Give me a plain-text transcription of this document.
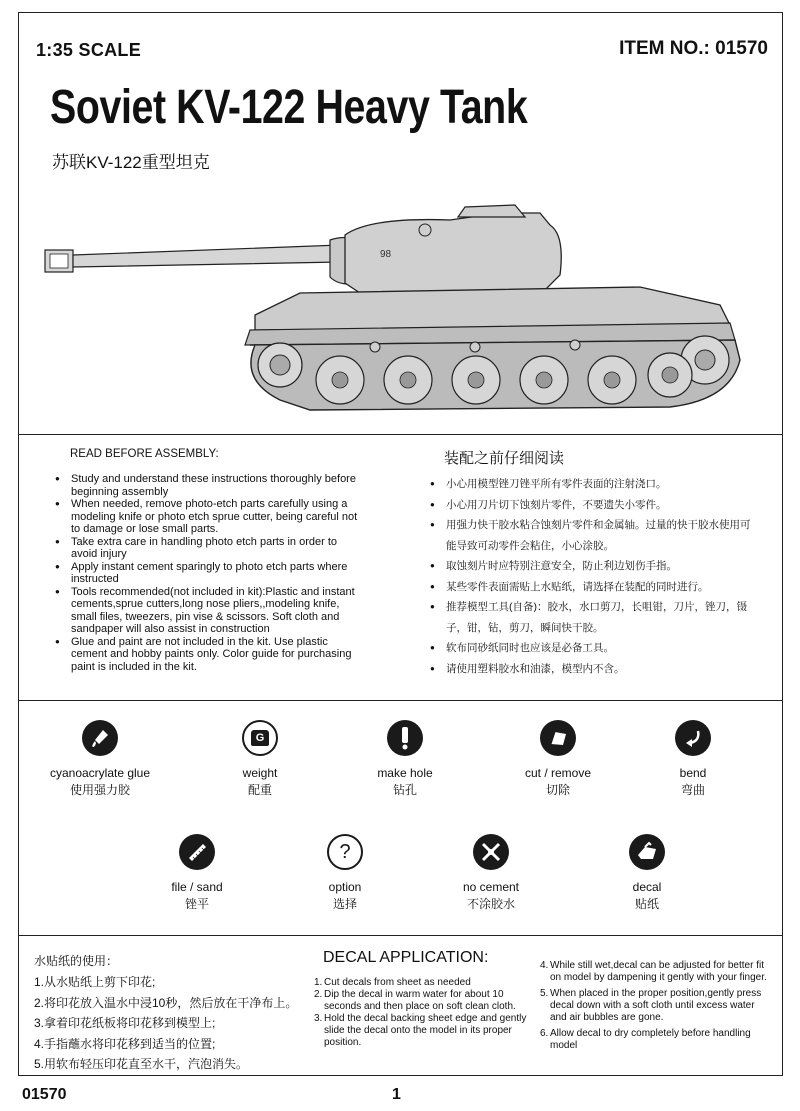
1:35 SCALE	ITEM NO.: 01570
Soviet KV-122 Heavy Tank
苏联KV-122重型坦克
98
READ BEFORE ASSEMBLY:
● Study and understand these instructions thoroughly before beginning assembly
● When needed, remove photo-etch parts carefully using a modeling knife or photo etch sprue cutter, being careful not to damage or lose small parts.
● Take extra care in handling photo etch parts in order to avoid injury
● Apply instant cement sparingly to photo etch parts where instructed
● Tools recommended(not included in kit):Plastic and instant cements,sprue cutters,long nose pliers,,modeling knife, small files, tweezers, pin vise & scissors. Soft cloth and sandpaper will also assist in construction
● Glue and paint are not included in the kit. Use plastic cement and hobby paints only. Color guide for purchasing paint is included in the kit.
装配之前仔细阅读
● 小心用模型锉刀锉平所有零件表面的注射浇口。
● 小心用刀片切下蚀刻片零件，不要遗失小零件。
● 用强力快干胶水粘合蚀刻片零件和金属轴。过量的快干胶水使用可能导致可动零件会粘住，小心涂胶。
● 取蚀刻片时应特别注意安全，防止利边划伤手指。
● 某些零件表面需贴上水贴纸，请选择在装配的同时进行。
● 推荐模型工具(自备)：胶水，水口剪刀，长咀钳，刀片，锉刀，镊子，钳，钻，剪刀，瞬间快干胶。
● 软布同砂纸同时也应该是必备工具。
● 请使用塑料胶水和油漆，模型内不含。
cyanoacrylate glue
使用强力胶
G
weight
配重
make hole
钻孔
cut / remove
切除
bend
弯曲
file / sand
锉平
?
option
选择
no cement
不涂胶水
decal
贴纸
水贴纸的使用：
1.从水贴纸上剪下印花;
2.将印花放入温水中浸10秒，然后放在干净布上。
3.拿着印花纸板将印花移到模型上;
4.手指蘸水将印花移到适当的位置;
5.用软布轻压印花直至水干，汽泡消失。
DECAL APPLICATION:
1. Cut decals from sheet as needed
2. Dip the decal in warm water for about 10 seconds and then place on soft clean cloth.
3. Hold the decal backing sheet edge and gently slide the decal onto the model in its proper position.
4. While still wet,decal can be adjusted for better fit on model by dampening it gently with your finger.
5. When placed in the proper position,gently press decal down with a soft cloth until excess water and air bubbles are gone.
6. Allow decal to dry completely before handling model
01570	1
